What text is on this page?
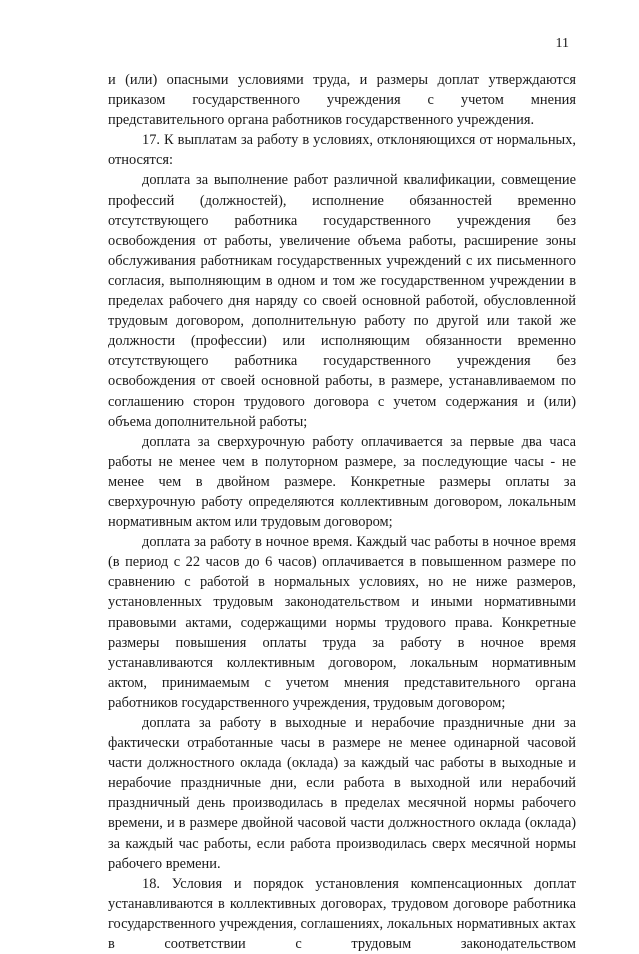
11

и (или) опасными условиями труда, и размеры доплат утверждаются приказом государственного учреждения с учетом мнения представительного органа работников государственного учреждения.

17. К выплатам за работу в условиях, отклоняющихся от нормальных, относятся:

доплата за выполнение работ различной квалификации, совмещение профессий (должностей), исполнение обязанностей временно отсутствующего работника государственного учреждения без освобождения от работы, увеличение объема работы, расширение зоны обслуживания работникам государственных учреждений с их письменного согласия, выполняющим в одном и том же государственном учреждении в пределах рабочего дня наряду со своей основной работой, обусловленной трудовым договором, дополнительную работу по другой или такой же должности (профессии) или исполняющим обязанности временно отсутствующего работника государственного учреждения без освобождения от своей основной работы, в размере, устанавливаемом по соглашению сторон трудового договора с учетом содержания и (или) объема дополнительной работы;

доплата за сверхурочную работу оплачивается за первые два часа работы не менее чем в полуторном размере, за последующие часы - не менее чем в двойном размере. Конкретные размеры оплаты за сверхурочную работу определяются коллективным договором, локальным нормативным актом или трудовым договором;

доплата за работу в ночное время. Каждый час работы в ночное время (в период с 22 часов до 6 часов) оплачивается в повышенном размере по сравнению с работой в нормальных условиях, но не ниже размеров, установленных трудовым законодательством и иными нормативными правовыми актами, содержащими нормы трудового права. Конкретные размеры повышения оплаты труда за работу в ночное время устанавливаются коллективным договором, локальным нормативным актом, принимаемым с учетом мнения представительного органа работников государственного учреждения, трудовым договором;

доплата за работу в выходные и нерабочие праздничные дни за фактически отработанные часы в размере не менее одинарной часовой части должностного оклада (оклада) за каждый час работы в выходные и нерабочие праздничные дни, если работа в выходной или нерабочий праздничный день производилась в пределах месячной нормы рабочего времени, и в размере двойной часовой части должностного оклада (оклада) за каждый час работы, если работа производилась сверх месячной нормы рабочего времени.

18. Условия и порядок установления компенсационных доплат устанавливаются в коллективных договорах, трудовом договоре работника государственного учреждения, соглашениях, локальных нормативных актах в соответствии с трудовым законодательством
